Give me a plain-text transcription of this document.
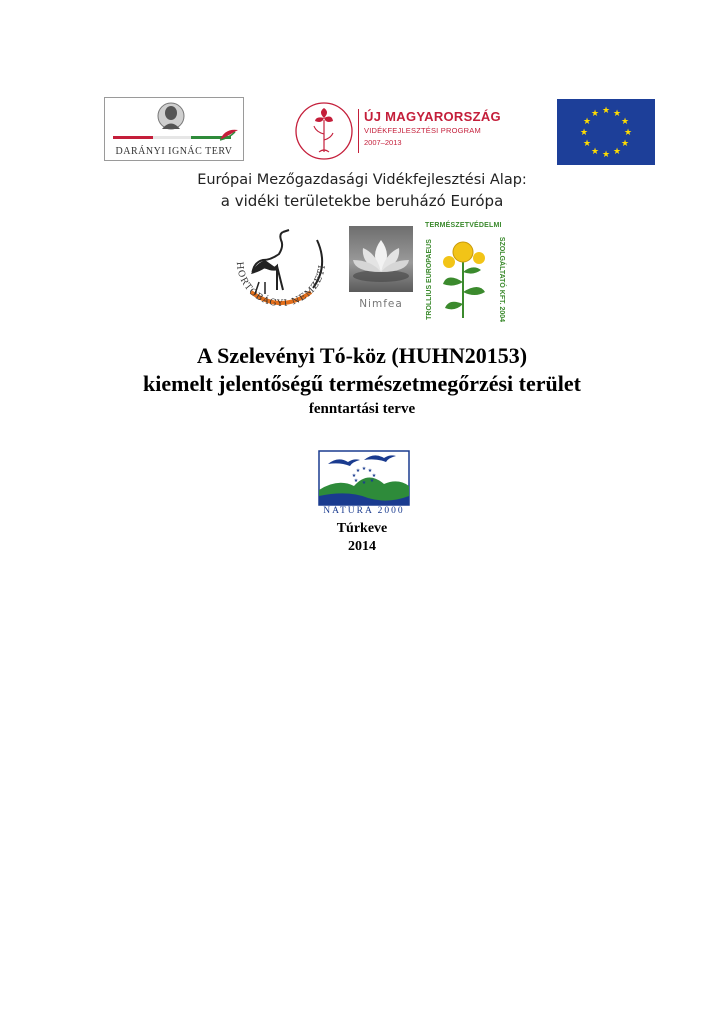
DARÁNYI IGNÁC TERV
ÚJ MAGYARORSZÁG
VIDÉKFEJLESZTÉSI PROGRAM
2007–2013
★ ★
★
★
★
★
★
★
★
★
★
★
Európai Mezőgazdasági Vidékfejlesztési Alap:
a vidéki területekbe beruházó Európa
HORTOBÁGYI NEMZETI
Nimfea
TERMÉSZETVÉDELMI
TROLLIUS EUROPAEUS	SZOLGÁLTATÓ KFT. 2004
A Szelevényi Tó-köz (HUHN20153)
kiemelt jelentőségű természetmegőrzési terület
fenntartási terve
★ ★ ★
★	★
★ ★
★
NATURA 2000
Túrkeve
2014
